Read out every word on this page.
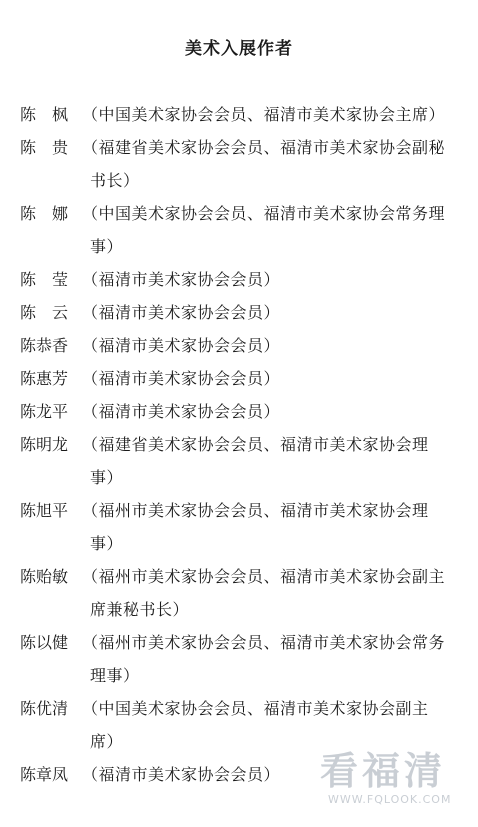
美术入展作者
陈　枫 （中国美术家协会会员、福清市美术家协会主席）
陈　贵 （福建省美术家协会会员、福清市美术家协会副秘书长）
陈　娜 （中国美术家协会会员、福清市美术家协会常务理事）
陈　莹 （福清市美术家协会会员）
陈　云 （福清市美术家协会会员）
陈恭香 （福清市美术家协会会员）
陈惠芳 （福清市美术家协会会员）
陈龙平 （福清市美术家协会会员）
陈明龙 （福建省美术家协会会员、福清市美术家协会理事）
陈旭平 （福州市美术家协会会员、福清市美术家协会理事）
陈贻敏 （福州市美术家协会会员、福清市美术家协会副主席兼秘书长）
陈以健 （福州市美术家协会会员、福清市美术家协会常务理事）
陈优清 （中国美术家协会会员、福清市美术家协会副主席）
陈章凤 （福清市美术家协会会员）	看福清
WWW.FQLOOK.COM
